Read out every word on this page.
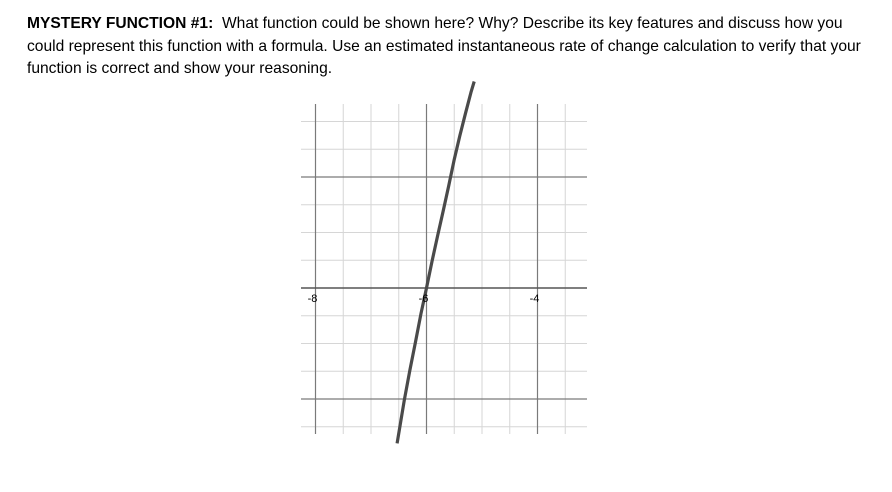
MYSTERY FUNCTION #1: What function could be shown here? Why? Describe its key features and discuss how you could represent this function with a formula. Use an estimated instantaneous rate of change calculation to verify that your function is correct and show your reasoning.

-8	-6	-4
